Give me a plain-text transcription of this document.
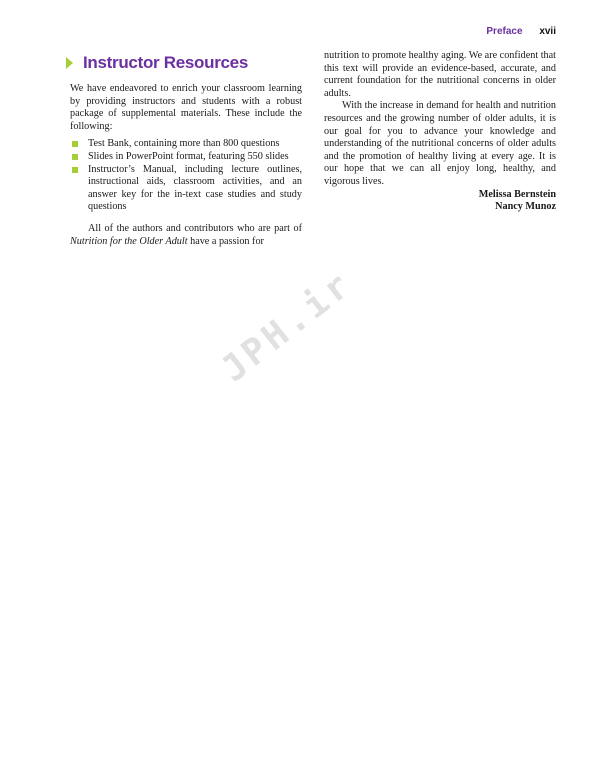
Preface xvii
Instructor Resources

We have endeavored to enrich your classroom learning by providing instructors and students with a robust package of supplemental materials. These include the following:

Test Bank, containing more than 800 questions
Slides in PowerPoint format, featuring 550 slides
Instructor’s Manual, including lecture outlines, instructional aids, classroom activities, and an answer key for the in-text case studies and study questions

All of the authors and contributors who are part of Nutrition for the Older Adult have a passion for

nutrition to promote healthy aging. We are confident that this text will provide an evidence-based, accurate, and current foundation for the nutritional concerns in older adults.

With the increase in demand for health and nutrition resources and the growing number of older adults, it is our goal for you to advance your knowledge and understanding of the nutritional concerns of older adults and the promotion of healthy living at every age. It is our hope that we can all enjoy long, healthy, and vigorous lives.

Melissa Bernstein
Nancy Munoz
JPH.ir
